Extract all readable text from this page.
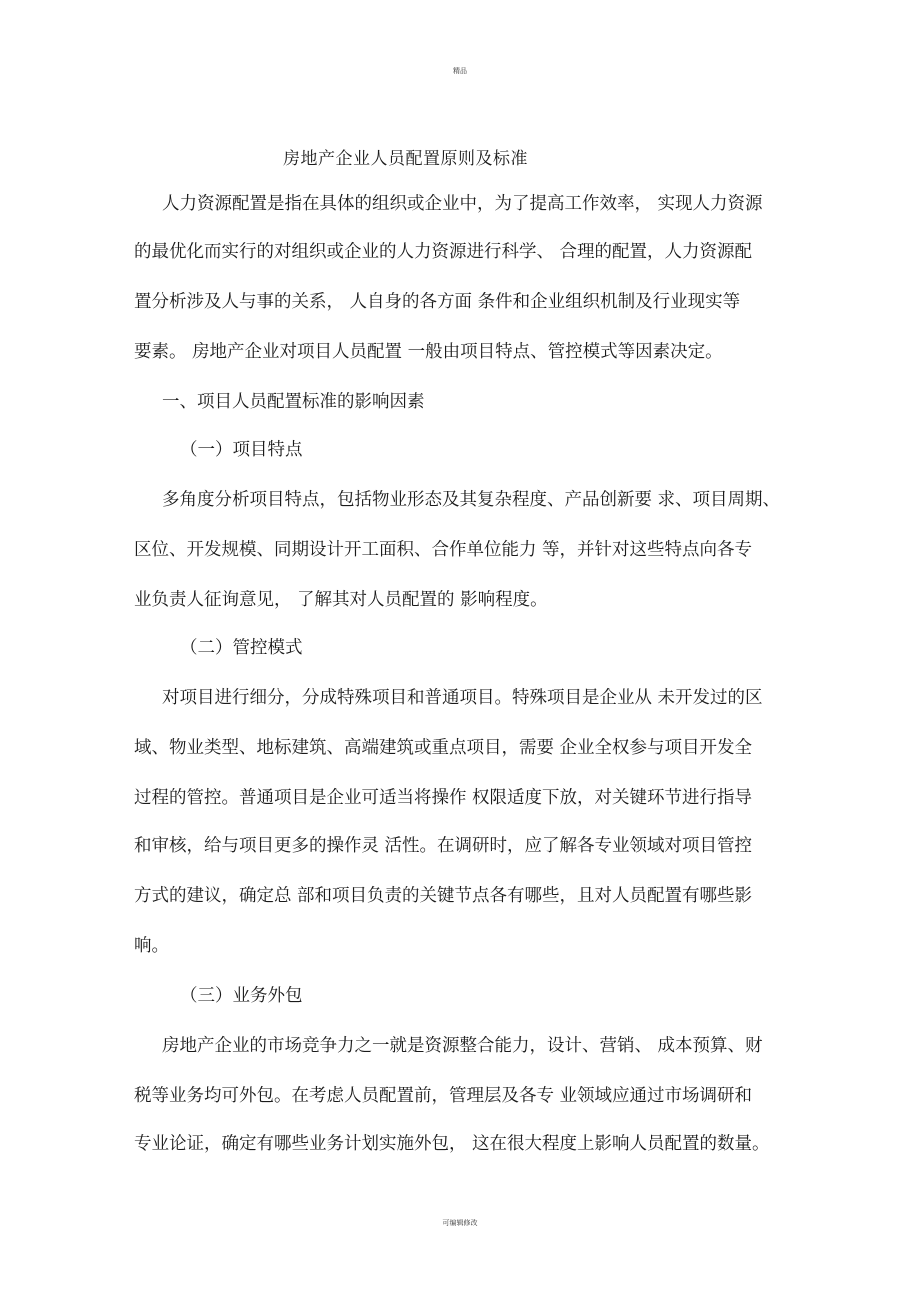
精品
房地产企业人员配置原则及标准
人力资源配置是指在具体的组织或企业中，为了提高工作效率， 实现人力资源
的最优化而实行的对组织或企业的人力资源进行科学、 合理的配置，人力资源配
置分析涉及人与事的关系， 人自身的各方面 条件和企业组织机制及行业现实等
要素。 房地产企业对项目人员配置 一般由项目特点、管控模式等因素决定。
一、项目人员配置标准的影响因素
（一）项目特点
多角度分析项目特点，包括物业形态及其复杂程度、产品创新要 求、项目周期、
区位、开发规模、同期设计开工面积、合作单位能力 等，并针对这些特点向各专
业负责人征询意见， 了解其对人员配置的 影响程度。
（二）管控模式
对项目进行细分，分成特殊项目和普通项目。特殊项目是企业从 未开发过的区
域、物业类型、地标建筑、高端建筑或重点项目，需要 企业全权参与项目开发全
过程的管控。普通项目是企业可适当将操作 权限适度下放，对关键环节进行指导
和审核，给与项目更多的操作灵 活性。在调研时，应了解各专业领域对项目管控
方式的建议，确定总 部和项目负责的关键节点各有哪些，且对人员配置有哪些影
响。
（三）业务外包
房地产企业的市场竞争力之一就是资源整合能力，设计、营销、 成本预算、财
税等业务均可外包。在考虑人员配置前，管理层及各专 业领域应通过市场调研和
专业论证，确定有哪些业务计划实施外包， 这在很大程度上影响人员配置的数量。
可编辑修改
